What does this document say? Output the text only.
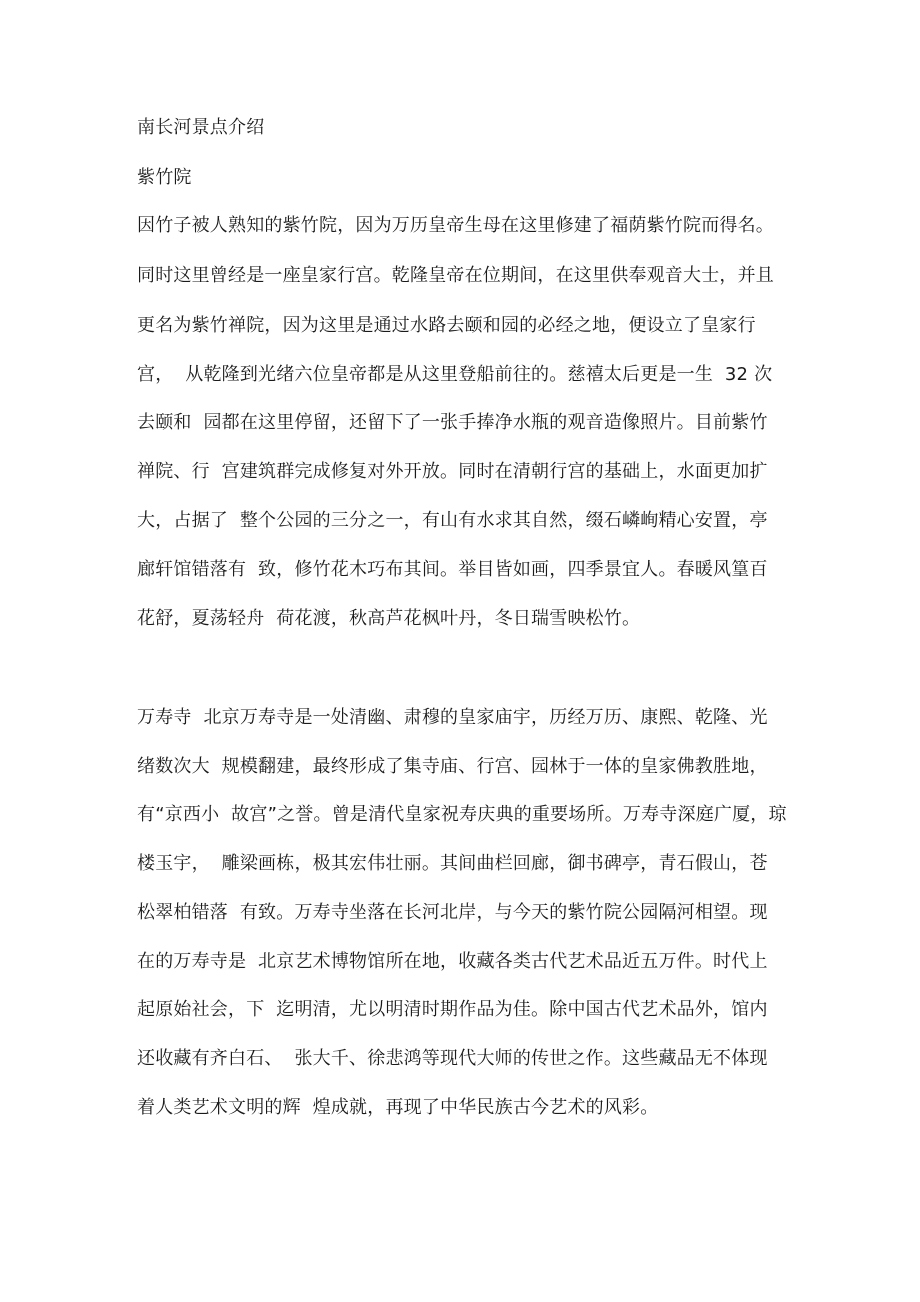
南长河景点介绍
紫竹院
因竹子被人熟知的紫竹院，因为万历皇帝生母在这里修建了福荫紫竹院而得名。
同时这里曾经是一座皇家行宫。乾隆皇帝在位期间，在这里供奉观音大士，并且
更名为紫竹禅院，因为这里是通过水路去颐和园的必经之地，便设立了皇家行
宫，  从乾隆到光绪六位皇帝都是从这里登船前往的。慈禧太后更是一生  32 次
去颐和  园都在这里停留，还留下了一张手捧净水瓶的观音造像照片。目前紫竹
禅院、行  宫建筑群完成修复对外开放。同时在清朝行宫的基础上，水面更加扩
大，占据了  整个公园的三分之一，有山有水求其自然，缀石嶙峋精心安置，亭
廊轩馆错落有  致，修竹花木巧布其间。举目皆如画，四季景宜人。春暖风篁百
花舒，夏荡轻舟  荷花渡，秋高芦花枫叶丹，冬日瑞雪映松竹。
万寿寺  北京万寿寺是一处清幽、肃穆的皇家庙宇，历经万历、康熙、乾隆、光
绪数次大  规模翻建，最终形成了集寺庙、行宫、园林于一体的皇家佛教胜地，
有“京西小  故宫”之誉。曾是清代皇家祝寿庆典的重要场所。万寿寺深庭广厦，琼
楼玉宇，  雕梁画栋，极其宏伟壮丽。其间曲栏回廊，御书碑亭，青石假山，苍
松翠柏错落  有致。万寿寺坐落在长河北岸，与今天的紫竹院公园隔河相望。现
在的万寿寺是  北京艺术博物馆所在地，收藏各类古代艺术品近五万件。时代上
起原始社会，下  迄明清，尤以明清时期作品为佳。除中国古代艺术品外，馆内
还收藏有齐白石、  张大千、徐悲鸿等现代大师的传世之作。这些藏品无不体现
着人类艺术文明的辉  煌成就，再现了中华民族古今艺术的风彩。
